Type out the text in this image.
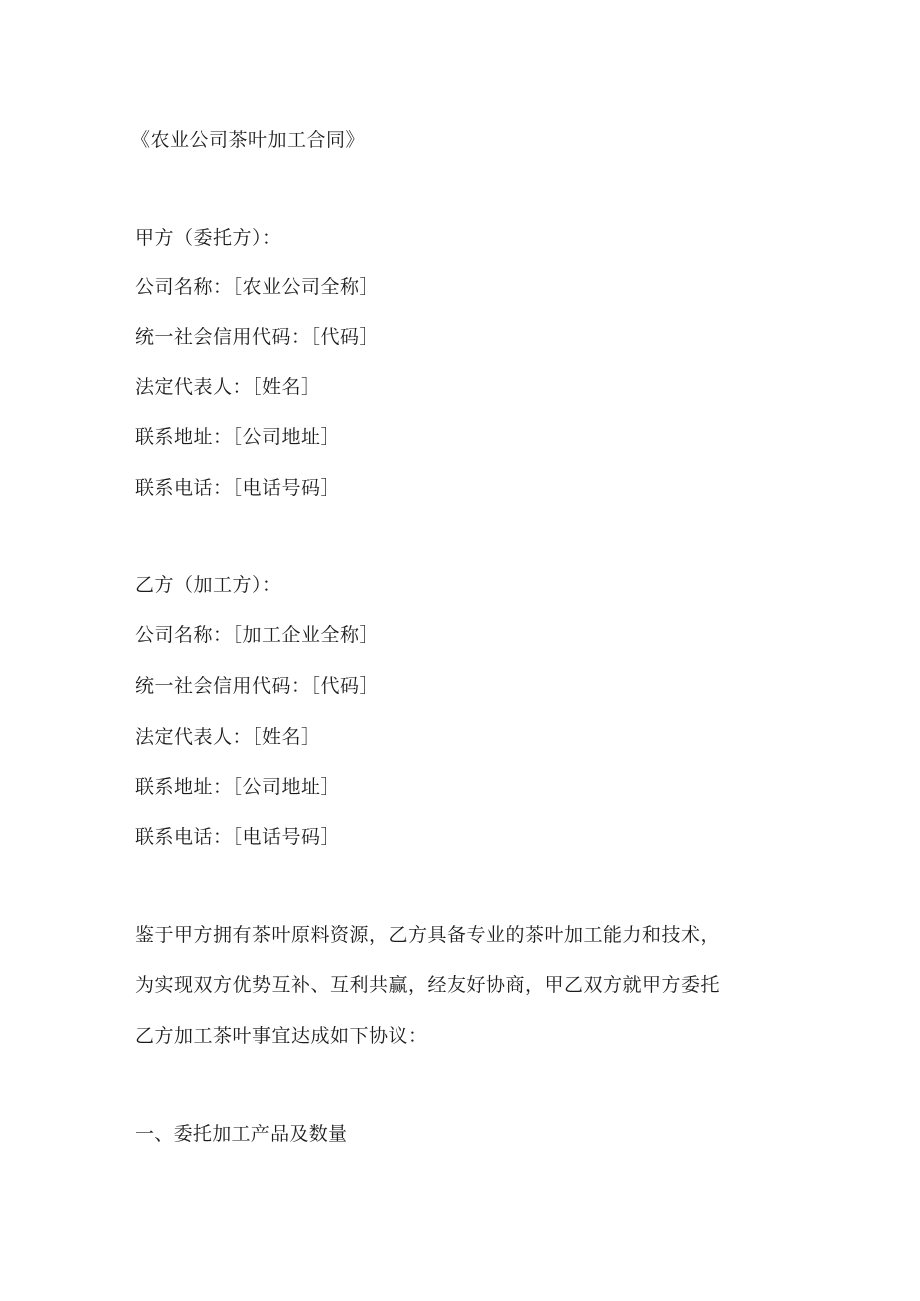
《农业公司茶叶加工合同》
甲方（委托方）：
公司名称：［农业公司全称］
统一社会信用代码：［代码］
法定代表人：［姓名］
联系地址：［公司地址］
联系电话：［电话号码］
乙方（加工方）：
公司名称：［加工企业全称］
统一社会信用代码：［代码］
法定代表人：［姓名］
联系地址：［公司地址］
联系电话：［电话号码］
鉴于甲方拥有茶叶原料资源，乙方具备专业的茶叶加工能力和技术，
为实现双方优势互补、互利共赢，经友好协商，甲乙双方就甲方委托
乙方加工茶叶事宜达成如下协议：
一、委托加工产品及数量
